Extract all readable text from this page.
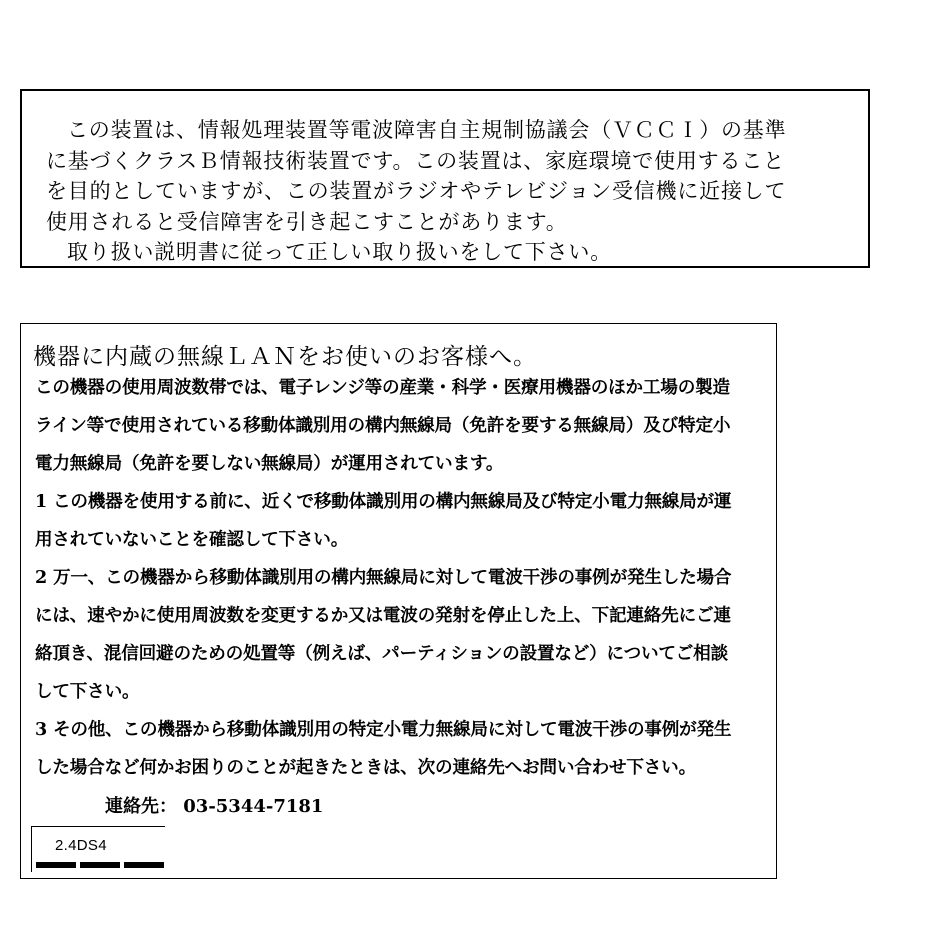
この装置は、情報処理装置等電波障害自主規制協議会（ＶＣＣＩ）の基準
に基づくクラスＢ情報技術装置です。この装置は、家庭環境で使用すること
を目的としていますが、この装置がラジオやテレビジョン受信機に近接して
使用されると受信障害を引き起こすことがあります。
取り扱い説明書に従って正しい取り扱いをして下さい。
機器に内蔵の無線ＬＡＮをお使いのお客様へ。
この機器の使用周波数帯では、電子レンジ等の産業・科学・医療用機器のほか工場の製造
ライン等で使用されている移動体識別用の構内無線局（免許を要する無線局）及び特定小
電力無線局（免許を要しない無線局）が運用されています。
1 この機器を使用する前に、近くで移動体識別用の構内無線局及び特定小電力無線局が運
用されていないことを確認して下さい。
2 万一、この機器から移動体識別用の構内無線局に対して電波干渉の事例が発生した場合
には、速やかに使用周波数を変更するか又は電波の発射を停止した上、下記連絡先にご連
絡頂き、混信回避のための処置等（例えば、パーティションの設置など）についてご相談
して下さい。
3 その他、この機器から移動体識別用の特定小電力無線局に対して電波干渉の事例が発生
した場合など何かお困りのことが起きたときは、次の連絡先へお問い合わせ下さい。
連絡先： 03-5344-7181
2.4DS4
